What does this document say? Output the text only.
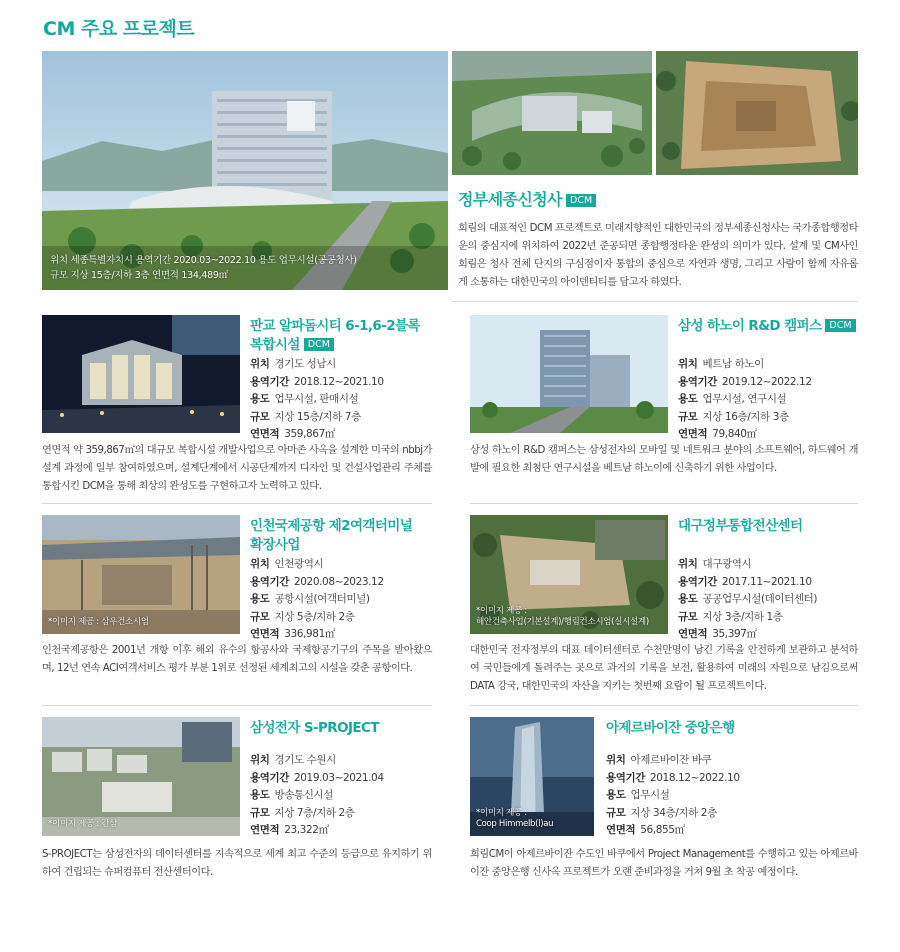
CM 주요 프로젝트
위치 세종특별자치시 용역기간 2020.03~2022.10 용도 업무시설(공공청사)
규모 지상 15층/지하 3층 연면적 134,489㎡
정부세종신청사 DCM
희림의 대표적인 DCM 프로젝트로 미래지향적인 대한민국의 정부세종신청사는 국가종합행정타운의 중심지에 위치하여 2022년 준공되면 종합행정타운 완성의 의미가 있다. 설계 및 CM사인 희림은 청사 전체 단지의 구심점이자 통합의 중심으로 자연과 생명, 그리고 사람이 함께 자유롭게 소통하는 대한민국의 아이덴티티를 담고자 하였다.
판교 알파돔시티 6-1,6-2블록
복합시설 DCM
위치 경기도 성남시
용역기간 2018.12~2021.10
용도 업무시설, 판매시설
규모 지상 15층/지하 7층
연면적 359,867㎡
연면적 약 359,867㎡의 대규모 복합시설 개발사업으로 아마존 사옥을 설계한 미국의 nbbj가 설계 과정에 일부 참여하였으며, 설계단계에서 시공단계까지 디자인 및 건설사업관리 주체를 통합시킨 DCM을 통해 최상의 완성도를 구현하고자 노력하고 있다.
삼성 하노이 R&D 캠퍼스 DCM
위치 베트남 하노이
용역기간 2019.12~2022.12
용도 업무시설, 연구시설
규모 지상 16층/지하 3층
연면적 79,840㎡
삼성 하노이 R&D 캠퍼스는 삼성전자의 모바일 및 네트워크 분야의 소프트웨어, 하드웨어 개발에 필요한 최첨단 연구시설을 베트남 하노이에 신축하기 위한 사업이다.
*이미지 제공 : 삼우건소시엄
인천국제공항 제2여객터미널
확장사업
위치 인천광역시
용역기간 2020.08~2023.12
용도 공항시설(여객터미널)
규모 지상 5층/지하 2층
연면적 336,981㎡
인천국제공항은 2001년 개항 이후 해외 유수의 항공사와 국제항공기구의 주목을 받아왔으며, 12년 연속 ACI여객서비스 평가 부분 1위로 선정된 세계최고의 시설을 갖춘 공항이다.
*이미지 제공 :
해안건축사업(기본설계)/행림컨소시엄(실시설계)
대구정부통합전산센터
위치 대구광역시
용역기간 2017.11~2021.10
용도 공공업무시설(데이터센터)
규모 지상 3층/지하 1층
연면적 35,397㎡
대한민국 전자정부의 대표 데이터센터로 수천만명이 남긴 기록을 안전하게 보관하고 분석하여 국민들에게 돌려주는 곳으로 과거의 기록을 보전, 활용하여 미래의 자원으로 남김으로써 DATA 강국, 대한민국의 자산을 지키는 첫번째 요람이 될 프로젝트이다.
*이미지 제공 : 간삼
삼성전자 S-PROJECT
위치 경기도 수원시
용역기간 2019.03~2021.04
용도 방송통신시설
규모 지상 7층/지하 2층
연면적 23,322㎡
S-PROJECT는 삼성전자의 데이터센터를 지속적으로 세계 최고 수준의 등급으로 유지하기 위하여 건립되는 슈퍼컴퓨터 전산센터이다.
*이미지 제공 :
Coop Himmelb(l)au
아제르바이잔 중앙은행
위치 아제르바이잔 바쿠
용역기간 2018.12~2022.10
용도 업무시설
규모 지상 34층/지하 2층
연면적 56,855㎡
희림CM이 아제르바이잔 수도인 바쿠에서 Project Management를 수행하고 있는 아제르바이잔 중앙은행 신사옥 프로젝트가 오랜 준비과정을 거쳐 9월 초 착공 예정이다.
